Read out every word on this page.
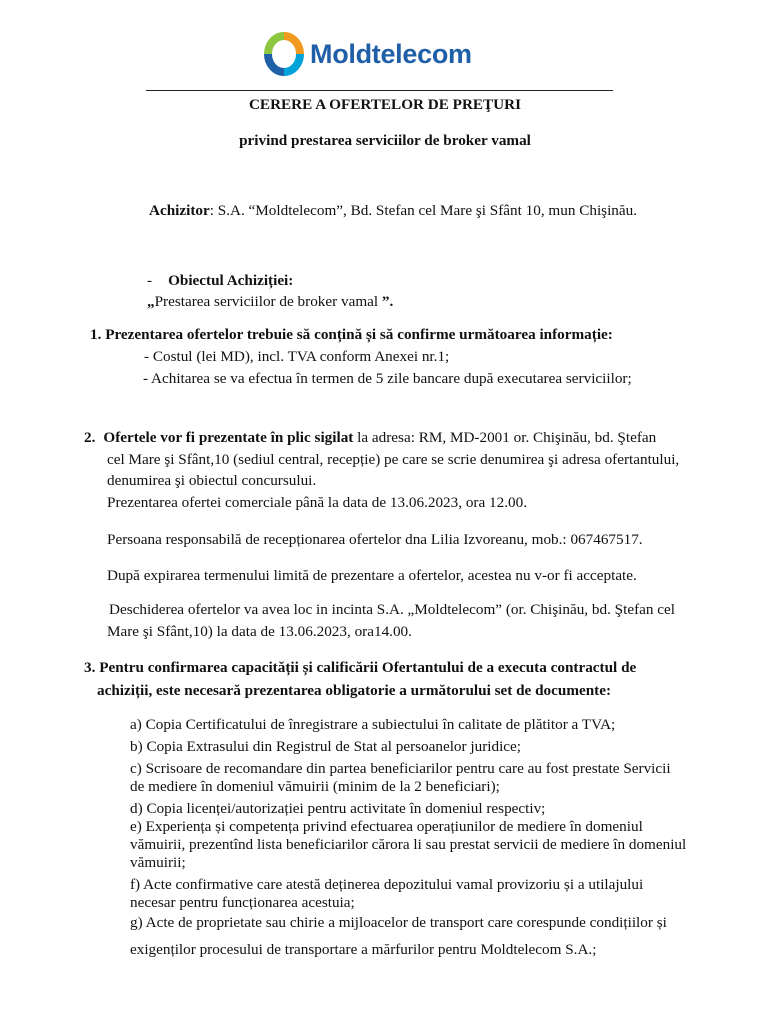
Moldtelecom
CERERE A OFERTELOR DE PREŢURI
privind prestarea serviciilor de broker vamal
Achizitor: S.A. “Moldtelecom”, Bd. Stefan cel Mare şi Sfânt 10, mun Chişinău.
- Obiectul Achiziției:
„Prestarea serviciilor de broker vamal ”.
1. Prezentarea ofertelor trebuie să conțină și să confirme următoarea informație:
- Costul (lei MD), incl. TVA conform Anexei nr.1;
- Achitarea se va efectua în termen de 5 zile bancare după executarea serviciilor;
2. Ofertele vor fi prezentate în plic sigilat la adresa: RM, MD-2001 or. Chişinău, bd. Ştefan
cel Mare şi Sfânt,10 (sediul central, recepție) pe care se scrie denumirea şi adresa ofertantului,
denumirea şi obiectul concursului.
Prezentarea ofertei comerciale până la data de 13.06.2023, ora 12.00.
Persoana responsabilă de recepționarea ofertelor dna Lilia Izvoreanu, mob.: 067467517.
După expirarea termenului limită de prezentare a ofertelor, acestea nu v-or fi acceptate.
Deschiderea ofertelor va avea loc in incinta S.A. „Moldtelecom” (or. Chişinău, bd. Ştefan cel
Mare şi Sfânt,10) la data de 13.06.2023, ora14.00.
3. Pentru confirmarea capacității și calificării Ofertantului de a executa contractul de
achiziții, este necesară prezentarea obligatorie a următorului set de documente:
a) Copia Certificatului de înregistrare a subiectului în calitate de plătitor a TVA;
b) Copia Extrasului din Registrul de Stat al persoanelor juridice;
c) Scrisoare de recomandare din partea beneficiarilor pentru care au fost prestate Servicii
de mediere în domeniul vămuirii (minim de la 2 beneficiari);
d) Copia licenței/autorizației pentru activitate în domeniul respectiv;
e) Experiența și competența privind efectuarea operațiunilor de mediere în domeniul
vămuirii, prezentînd lista beneficiarilor cărora li sau prestat servicii de mediere în domeniul
vămuirii;
f) Acte confirmative care atestă deținerea depozitului vamal provizoriu și a utilajului
necesar pentru funcționarea acestuia;
g) Acte de proprietate sau chirie a mijloacelor de transport care corespunde condițiilor și
exigenților procesului de transportare a mărfurilor pentru Moldtelecom S.A.;
